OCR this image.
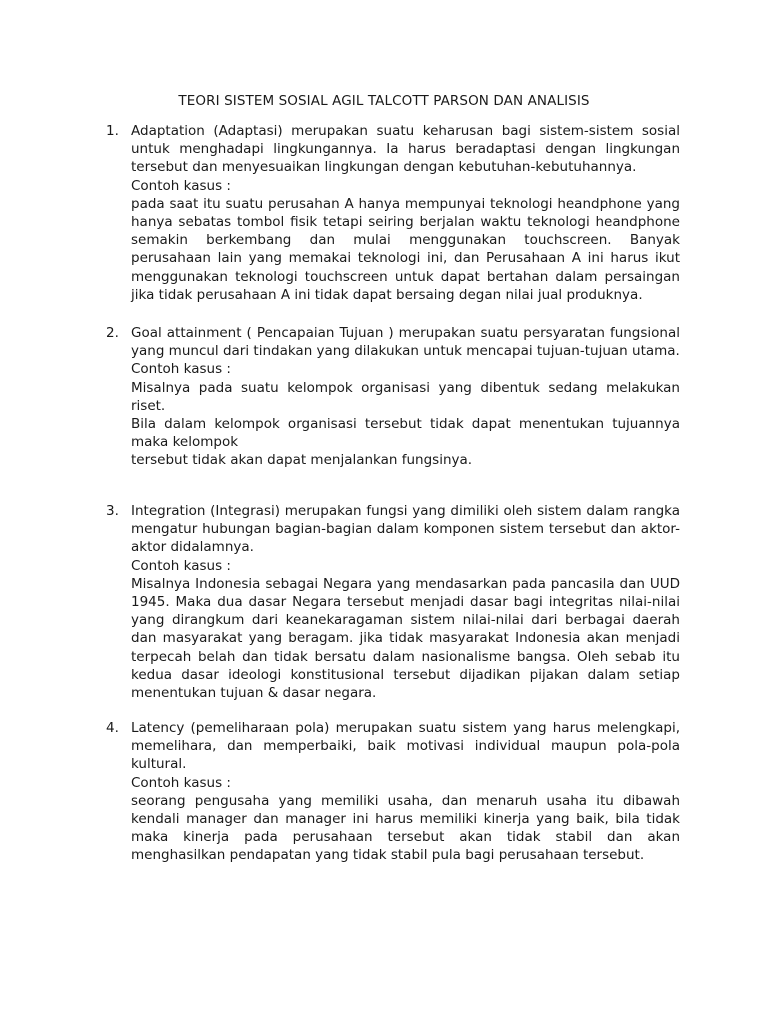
TEORI SISTEM SOSIAL AGIL TALCOTT PARSON DAN ANALISIS
1. Adaptation (Adaptasi) merupakan suatu keharusan bagi sistem-sistem sosial untuk menghadapi lingkungannya. Ia harus beradaptasi dengan lingkungan tersebut dan menyesuaikan lingkungan dengan kebutuhan-kebutuhannya.

Contoh kasus :

pada saat itu suatu perusahan A hanya mempunyai teknologi heandphone yang hanya sebatas tombol fisik tetapi seiring berjalan waktu teknologi heandphone semakin berkembang dan mulai menggunakan touchscreen. Banyak perusahaan lain yang memakai teknologi ini, dan Perusahaan A ini harus ikut menggunakan teknologi touchscreen untuk dapat bertahan dalam persaingan jika tidak perusahaan A ini tidak dapat bersaing degan nilai jual produknya.

2. Goal attainment ( Pencapaian Tujuan ) merupakan suatu persyaratan fungsional yang muncul dari tindakan yang dilakukan untuk mencapai tujuan-tujuan utama.

Contoh kasus :

Misalnya pada suatu kelompok organisasi yang dibentuk sedang melakukan riset.

Bila dalam kelompok organisasi tersebut tidak dapat menentukan tujuannya maka kelompok

tersebut tidak akan dapat menjalankan fungsinya.

3. Integration (Integrasi) merupakan fungsi yang dimiliki oleh sistem dalam rangka mengatur hubungan bagian-bagian dalam komponen sistem tersebut dan aktor-aktor didalamnya.

Contoh kasus :

Misalnya Indonesia sebagai Negara yang mendasarkan pada pancasila dan UUD 1945. Maka dua dasar Negara tersebut menjadi dasar bagi integritas nilai-nilai yang dirangkum dari keanekaragaman sistem nilai-nilai dari berbagai daerah dan masyarakat yang beragam. jika tidak masyarakat Indonesia akan menjadi terpecah belah dan tidak bersatu dalam nasionalisme bangsa. Oleh sebab itu kedua dasar ideologi konstitusional tersebut dijadikan pijakan dalam setiap menentukan tujuan & dasar negara.

4. Latency (pemeliharaan pola) merupakan suatu sistem yang harus melengkapi, memelihara, dan memperbaiki, baik motivasi individual maupun pola-pola kultural.

Contoh kasus :

seorang pengusaha yang memiliki usaha, dan menaruh usaha itu dibawah kendali manager dan manager ini harus memiliki kinerja yang baik, bila tidak maka kinerja pada perusahaan tersebut akan tidak stabil dan akan menghasilkan pendapatan yang tidak stabil pula bagi perusahaan tersebut.
